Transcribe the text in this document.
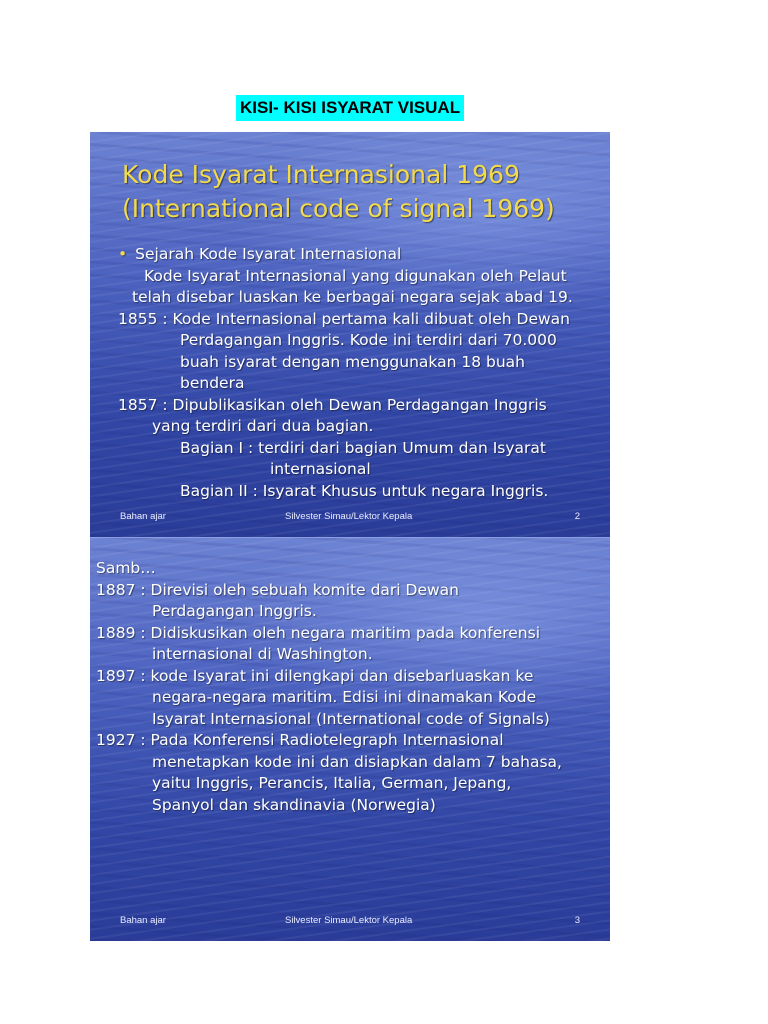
KISI- KISI ISYARAT VISUAL
Kode Isyarat Internasional 1969
(International code of signal 1969)
• Sejarah Kode Isyarat Internasional
Kode Isyarat Internasional yang digunakan oleh Pelaut
telah disebar luaskan ke berbagai negara sejak abad 19.
1855 : Kode Internasional pertama kali dibuat oleh Dewan
Perdagangan Inggris. Kode ini terdiri dari 70.000
buah isyarat dengan menggunakan 18 buah
bendera
1857 : Dipublikasikan oleh Dewan Perdagangan Inggris
yang terdiri dari dua bagian.
Bagian I : terdiri dari bagian Umum dan Isyarat
internasional
Bagian II : Isyarat Khusus untuk negara Inggris.
Bahan ajar	Silvester Simau/Lektor Kepala	2
Samb…
1887 : Direvisi oleh sebuah komite dari Dewan
Perdagangan Inggris.
1889 : Didiskusikan oleh negara maritim pada konferensi
internasional di Washington.
1897 : kode Isyarat ini dilengkapi dan disebarluaskan ke
negara-negara maritim. Edisi ini dinamakan Kode
Isyarat Internasional (International code of Signals)
1927 : Pada Konferensi Radiotelegraph Internasional
menetapkan kode ini dan disiapkan dalam 7 bahasa,
yaitu Inggris, Perancis, Italia, German, Jepang,
Spanyol dan skandinavia (Norwegia)
Bahan ajar	Silvester Simau/Lektor Kepala	3
